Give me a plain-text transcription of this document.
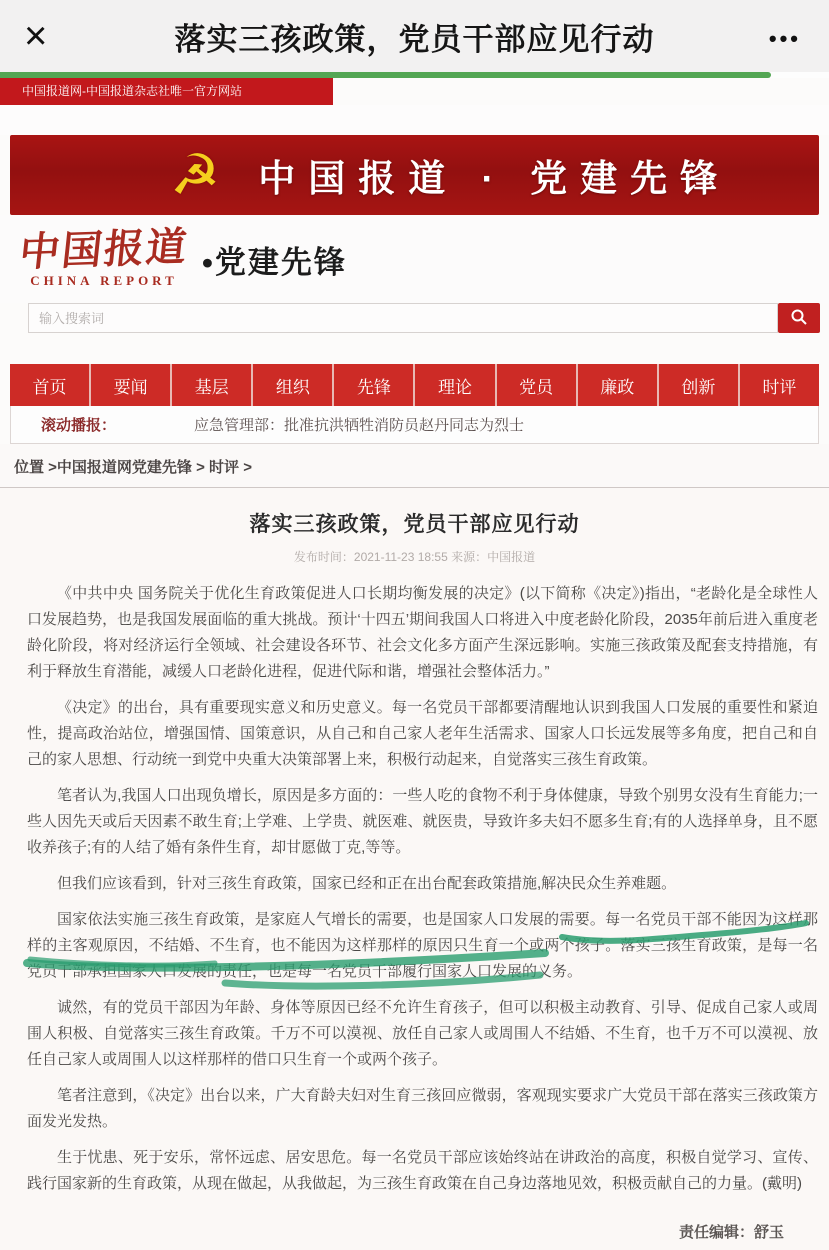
×	落实三孩政策，党员干部应见行动	•••
中国报道网-中国报道杂志社唯一官方网站
☭ 中国报道 · 党建先锋
中国报道
CHINA REPORT
•党建先锋
输入搜索词
首页	要闻	基层	组织	先锋	理论	党员	廉政	创新	时评
滚动播报：	应急管理部：批准抗洪牺牲消防员赵丹同志为烈士
位置 >中国报道网党建先锋 > 时评 >
落实三孩政策，党员干部应见行动
发布时间：2021-11-23 18:55 来源：中国报道

《中共中央 国务院关于优化生育政策促进人口长期均衡发展的决定》(以下简称《决定》)指出，“老龄化是全球性人口发展趋势，也是我国发展面临的重大挑战。预计‘十四五’期间我国人口将进入中度老龄化阶段，2035年前后进入重度老龄化阶段，将对经济运行全领域、社会建设各环节、社会文化多方面产生深远影响。实施三孩政策及配套支持措施，有利于释放生育潜能，减缓人口老龄化进程，促进代际和谐，增强社会整体活力。”

《决定》的出台，具有重要现实意义和历史意义。每一名党员干部都要清醒地认识到我国人口发展的重要性和紧迫性，提高政治站位，增强国情、国策意识，从自己和自己家人老年生活需求、国家人口长远发展等多角度，把自己和自己的家人思想、行动统一到党中央重大决策部署上来，积极行动起来，自觉落实三孩生育政策。

笔者认为,我国人口出现负增长，原因是多方面的：一些人吃的食物不利于身体健康，导致个别男女没有生育能力;一些人因先天或后天因素不敢生育;上学难、上学贵、就医难、就医贵，导致许多夫妇不愿多生育;有的人选择单身，且不愿收养孩子;有的人结了婚有条件生育，却甘愿做丁克,等等。

但我们应该看到，针对三孩生育政策，国家已经和正在出台配套政策措施,解决民众生养难题。

国家依法实施三孩生育政策，是家庭人气增长的需要，也是国家人口发展的需要。每一名党员干部不能因为这样那样的主客观原因，不结婚、不生育，也不能因为这样那样的原因只生育一个或两个孩子。落实三孩生育政策，是每一名党员干部承担国家人口发展的责任，也是每一名党员干部履行国家人口发展的义务。

诚然，有的党员干部因为年龄、身体等原因已经不允许生育孩子，但可以积极主动教育、引导、促成自己家人或周围人积极、自觉落实三孩生育政策。千万不可以漠视、放任自己家人或周围人不结婚、不生育，也千万不可以漠视、放任自己家人或周围人以这样那样的借口只生育一个或两个孩子。

笔者注意到，《决定》出台以来，广大育龄夫妇对生育三孩回应微弱，客观现实要求广大党员干部在落实三孩政策方面发光发热。

生于忧患、死于安乐，常怀远虑、居安思危。每一名党员干部应该始终站在讲政治的高度，积极自觉学习、宣传、践行国家新的生育政策，从现在做起，从我做起，为三孩生育政策在自己身边落地见效，积极贡献自己的力量。(戴明)

责任编辑：舒玉
